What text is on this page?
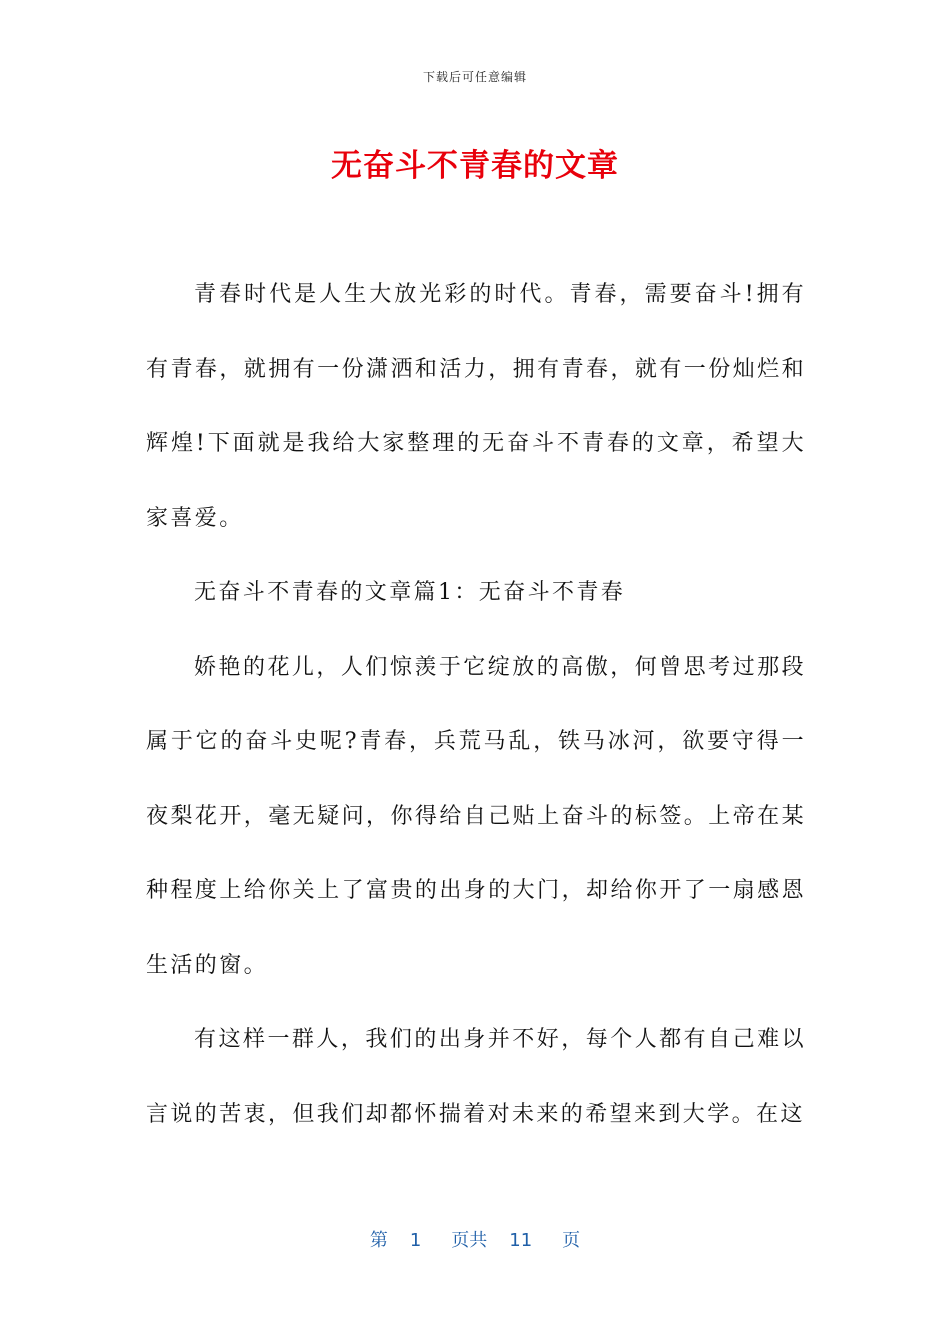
下载后可任意编辑
无奋斗不青春的文章

青春时代是人生大放光彩的时代。青春，需要奋斗!拥有有青春，就拥有一份潇洒和活力，拥有青春，就有一份灿烂和辉煌!下面就是我给大家整理的无奋斗不青春的文章，希望大家喜爱。

无奋斗不青春的文章篇1：无奋斗不青春

娇艳的花儿，人们惊羡于它绽放的高傲，何曾思考过那段属于它的奋斗史呢?青春，兵荒马乱，铁马冰河，欲要守得一夜梨花开，毫无疑问，你得给自己贴上奋斗的标签。上帝在某种程度上给你关上了富贵的出身的大门，却给你开了一扇感恩生活的窗。

有这样一群人，我们的出身并不好，每个人都有自己难以言说的苦衷，但我们却都怀揣着对未来的希望来到大学。在这

第 1 页共 11 页
